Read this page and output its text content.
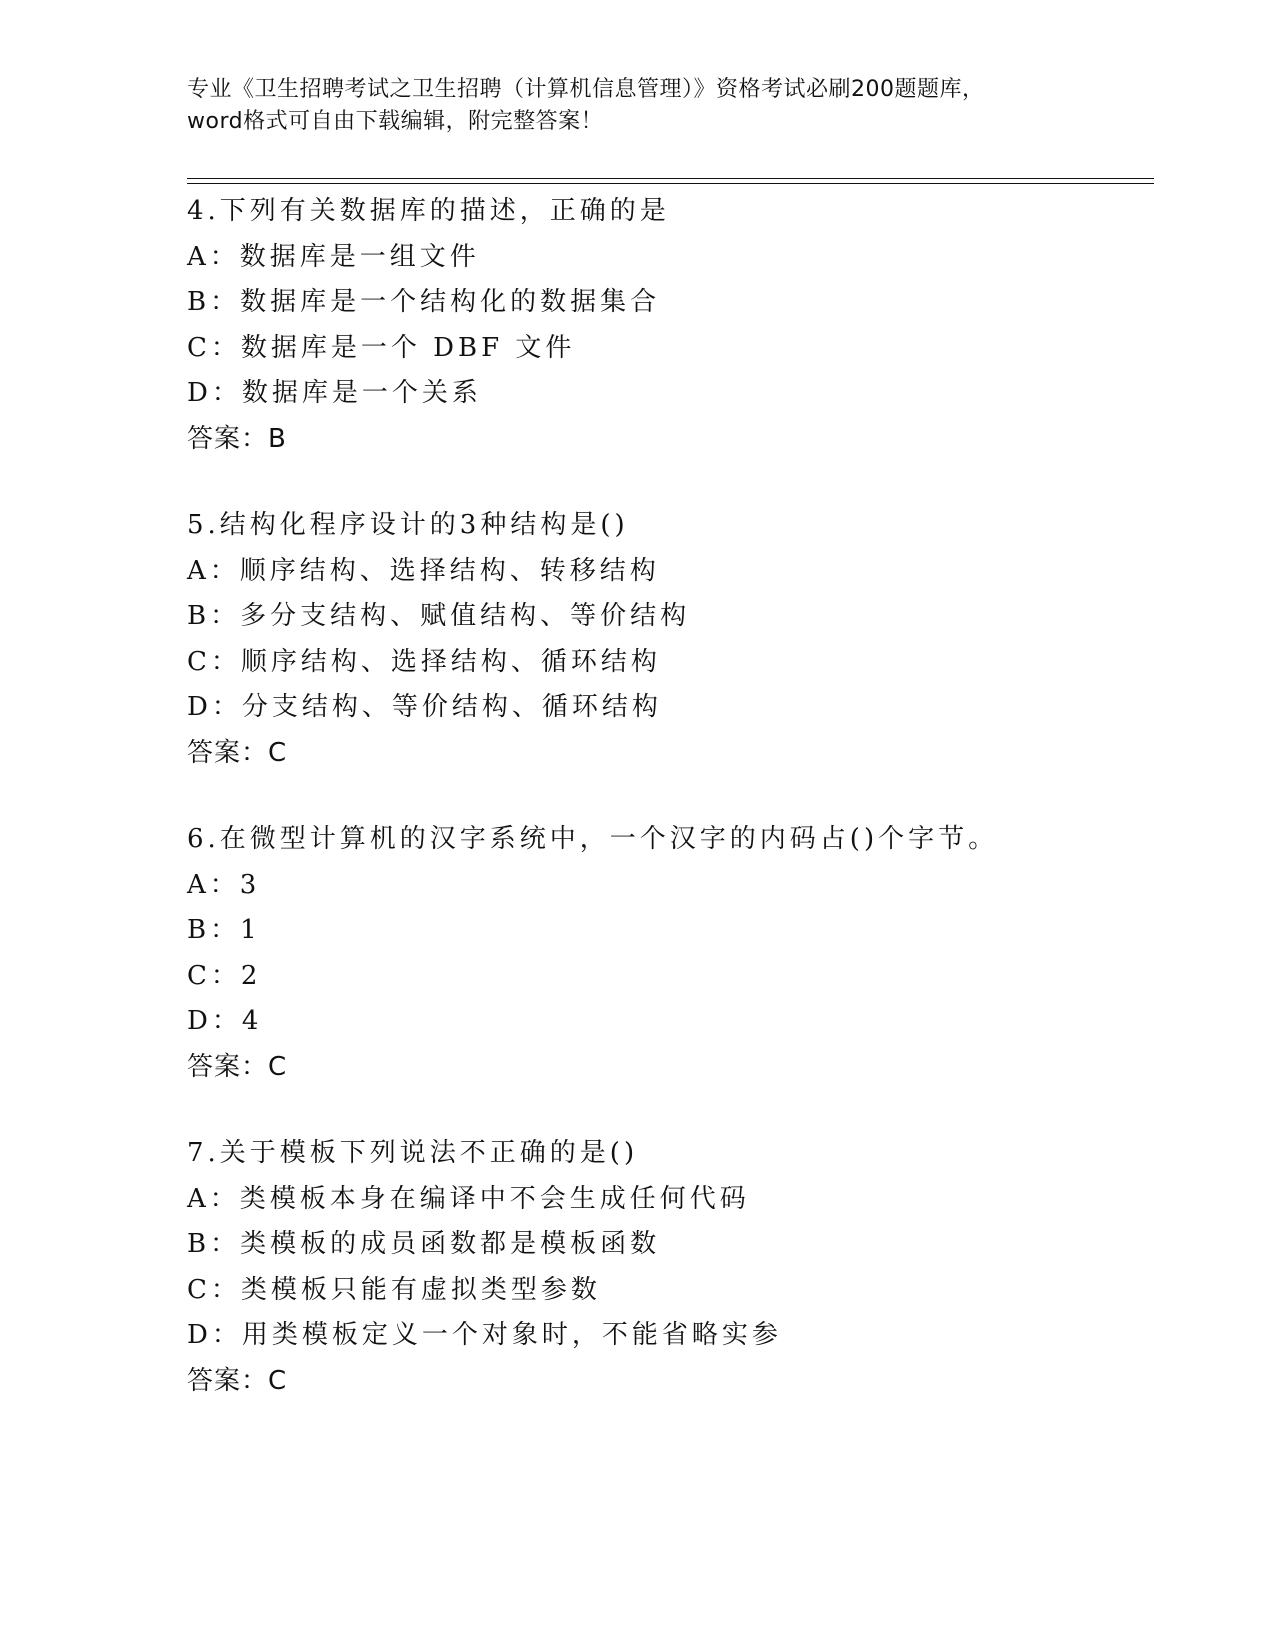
专业《卫生招聘考试之卫生招聘（计算机信息管理）》资格考试必刷200题题库，
word格式可自由下载编辑，附完整答案！
4.下列有关数据库的描述，正确的是
A：数据库是一组文件
B：数据库是一个结构化的数据集合
C：数据库是一个 DBF 文件
D：数据库是一个关系
答案：B
5.结构化程序设计的3种结构是()
A：顺序结构、选择结构、转移结构
B：多分支结构、赋值结构、等价结构
C：顺序结构、选择结构、循环结构
D：分支结构、等价结构、循环结构
答案：C
6.在微型计算机的汉字系统中，一个汉字的内码占()个字节。
A：3
B：1
C：2
D：4
答案：C
7.关于模板下列说法不正确的是()
A：类模板本身在编译中不会生成任何代码
B：类模板的成员函数都是模板函数
C：类模板只能有虚拟类型参数
D：用类模板定义一个对象时，不能省略实参
答案：C
